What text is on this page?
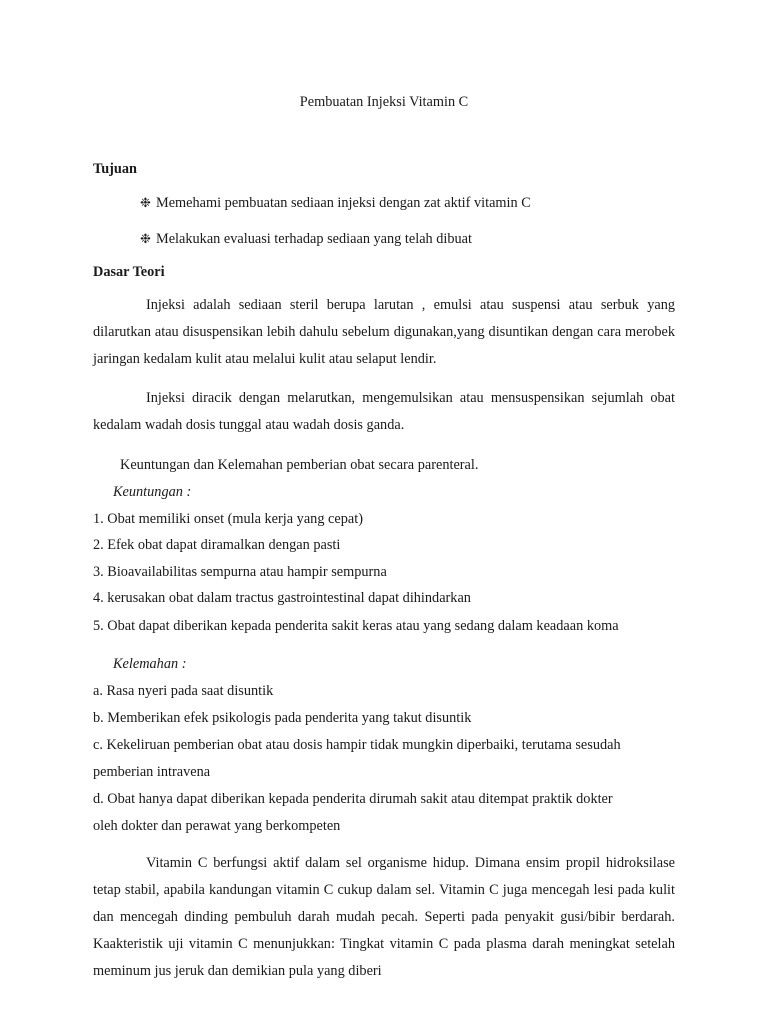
Pembuatan Injeksi Vitamin C
Tujuan
❉ Memehami pembuatan sediaan injeksi dengan zat aktif vitamin C
❉ Melakukan evaluasi terhadap sediaan yang telah dibuat
Dasar Teori

Injeksi adalah sediaan steril berupa larutan , emulsi atau suspensi atau serbuk yang dilarutkan atau disuspensikan lebih dahulu sebelum digunakan,yang disuntikan dengan cara merobek jaringan kedalam kulit atau melalui kulit atau selaput lendir.

Injeksi diracik dengan melarutkan, mengemulsikan atau mensuspensikan sejumlah obat kedalam wadah dosis tunggal atau wadah dosis ganda.

Keuntungan dan Kelemahan pemberian obat secara parenteral.
Keuntungan :
1. Obat memiliki onset (mula kerja yang cepat)
2. Efek obat dapat diramalkan dengan pasti
3. Bioavailabilitas sempurna atau hampir sempurna
4. kerusakan obat dalam tractus gastrointestinal dapat dihindarkan
5. Obat dapat diberikan kepada penderita sakit keras atau yang sedang dalam keadaan koma
Kelemahan :
a. Rasa nyeri pada saat disuntik
b. Memberikan efek psikologis pada penderita yang takut disuntik
c. Kekeliruan pemberian obat atau dosis hampir tidak mungkin diperbaiki, terutama sesudah
pemberian intravena
d. Obat hanya dapat diberikan kepada penderita dirumah sakit atau ditempat praktik dokter
oleh dokter dan perawat yang berkompeten

Vitamin C berfungsi aktif dalam sel organisme hidup. Dimana ensim propil hidroksilase tetap stabil, apabila kandungan vitamin C cukup dalam sel. Vitamin C juga mencegah lesi pada kulit dan mencegah dinding pembuluh darah mudah pecah. Seperti pada penyakit gusi/bibir berdarah. Kaakteristik uji vitamin C menunjukkan: Tingkat vitamin C pada plasma darah meningkat setelah meminum jus jeruk dan demikian pula yang diberi
